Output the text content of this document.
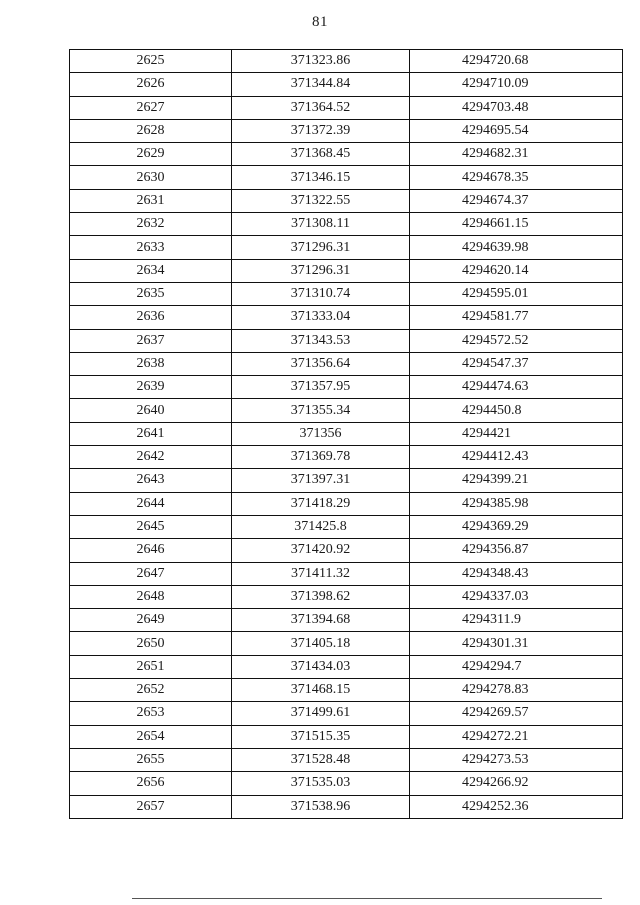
81
2625	371323.86	4294720.68
2626	371344.84	4294710.09
2627	371364.52	4294703.48
2628	371372.39	4294695.54
2629	371368.45	4294682.31
2630	371346.15	4294678.35
2631	371322.55	4294674.37
2632	371308.11	4294661.15
2633	371296.31	4294639.98
2634	371296.31	4294620.14
2635	371310.74	4294595.01
2636	371333.04	4294581.77
2637	371343.53	4294572.52
2638	371356.64	4294547.37
2639	371357.95	4294474.63
2640	371355.34	4294450.8
2641	371356	4294421
2642	371369.78	4294412.43
2643	371397.31	4294399.21
2644	371418.29	4294385.98
2645	371425.8	4294369.29
2646	371420.92	4294356.87
2647	371411.32	4294348.43
2648	371398.62	4294337.03
2649	371394.68	4294311.9
2650	371405.18	4294301.31
2651	371434.03	4294294.7
2652	371468.15	4294278.83
2653	371499.61	4294269.57
2654	371515.35	4294272.21
2655	371528.48	4294273.53
2656	371535.03	4294266.92
2657	371538.96	4294252.36
